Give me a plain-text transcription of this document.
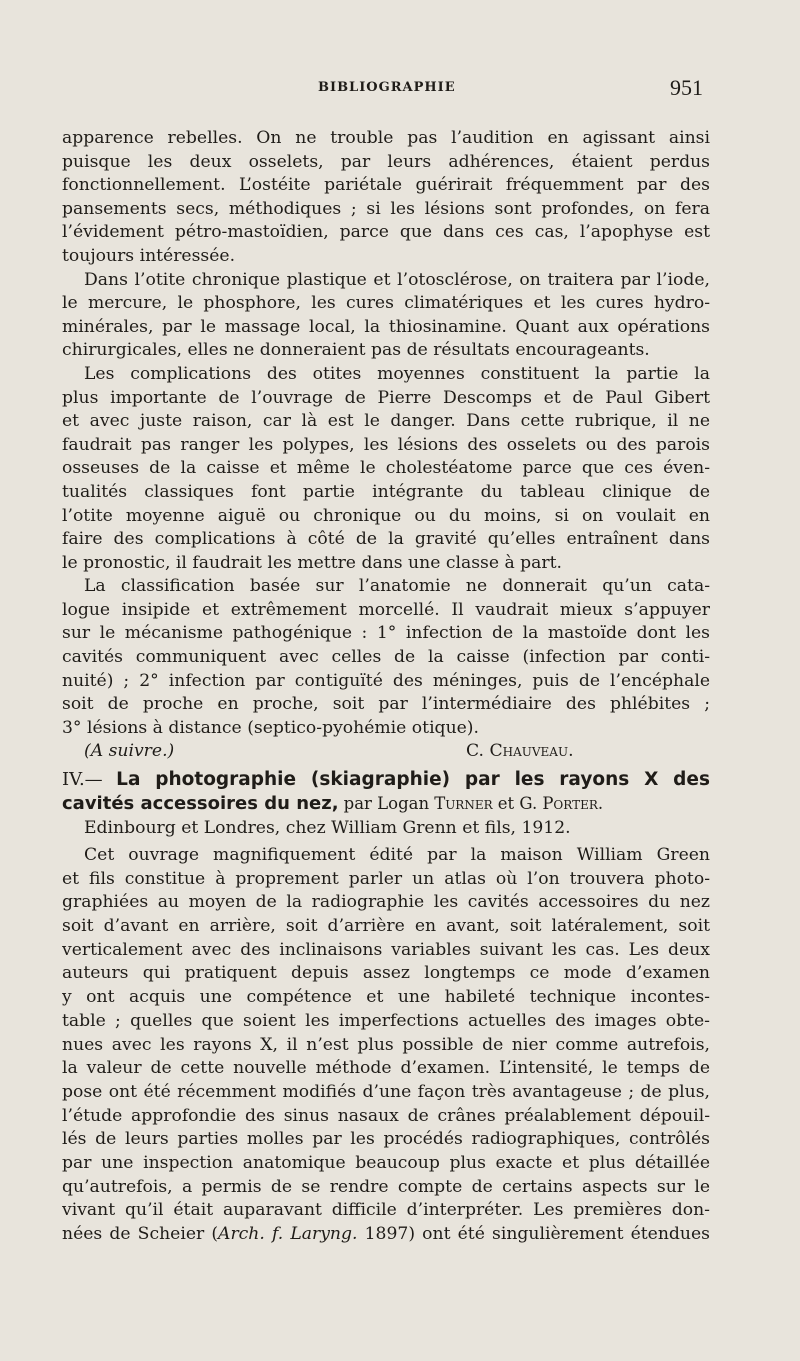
BIBLIOGRAPHIE	951
apparence rebelles. On ne trouble pas l’audition en agissant ainsi
puisque les deux osselets, par leurs adhérences, étaient perdus
fonctionnellement. L’ostéite pariétale guérirait fréquemment par des
pansements secs, méthodiques ; si les lésions sont profondes, on fera
l’évidement pétro-mastoïdien, parce que dans ces cas, l’apophyse est
toujours intéressée.
Dans l’otite chronique plastique et l’otosclérose, on traitera par l’iode,
le mercure, le phosphore, les cures climatériques et les cures hydro-
minérales, par le massage local, la thiosinamine. Quant aux opérations
chirurgicales, elles ne donneraient pas de résultats encourageants.
Les complications des otites moyennes constituent la partie la
plus importante de l’ouvrage de Pierre Descomps et de Paul Gibert
et avec juste raison, car là est le danger. Dans cette rubrique, il ne
faudrait pas ranger les polypes, les lésions des osselets ou des parois
osseuses de la caisse et même le cholestéatome parce que ces éven-
tualités classiques font partie intégrante du tableau clinique de
l’otite moyenne aiguë ou chronique ou du moins, si on voulait en
faire des complications à côté de la gravité qu’elles entraînent dans
le pronostic, il faudrait les mettre dans une classe à part.
La classification basée sur l’anatomie ne donnerait qu’un cata-
logue insipide et extrêmement morcellé. Il vaudrait mieux s’appuyer
sur le mécanisme pathogénique : 1° infection de la mastoïde dont les
cavités communiquent avec celles de la caisse (infection par conti-
nuité) ; 2° infection par contiguïté des méninges, puis de l’encéphale
soit de proche en proche, soit par l’intermédiaire des phlébites ;
3° lésions à distance (septico-pyohémie otique).
(A suivre.)	C. Chauveau.
IV.— La photographie (skiagraphie) par les rayons X des
cavités accessoires du nez, par Logan Turner et G. Porter.
Edinbourg et Londres, chez William Grenn et fils, 1912.
Cet ouvrage magnifiquement édité par la maison William Green
et fils constitue à proprement parler un atlas où l’on trouvera photo-
graphiées au moyen de la radiographie les cavités accessoires du nez
soit d’avant en arrière, soit d’arrière en avant, soit latéralement, soit
verticalement avec des inclinaisons variables suivant les cas. Les deux
auteurs qui pratiquent depuis assez longtemps ce mode d’examen
y ont acquis une compétence et une habileté technique incontes-
table ; quelles que soient les imperfections actuelles des images obte-
nues avec les rayons X, il n’est plus possible de nier comme autrefois,
la valeur de cette nouvelle méthode d’examen. L’intensité, le temps de
pose ont été récemment modifiés d’une façon très avantageuse ; de plus,
l’étude approfondie des sinus nasaux de crânes préalablement dépouil-
lés de leurs parties molles par les procédés radiographiques, contrôlés
par une inspection anatomique beaucoup plus exacte et plus détaillée
qu’autrefois, a permis de se rendre compte de certains aspects sur le
vivant qu’il était auparavant difficile d’interpréter. Les premières don-
nées de Scheier (Arch. f. Laryng. 1897) ont été singulièrement étendues
